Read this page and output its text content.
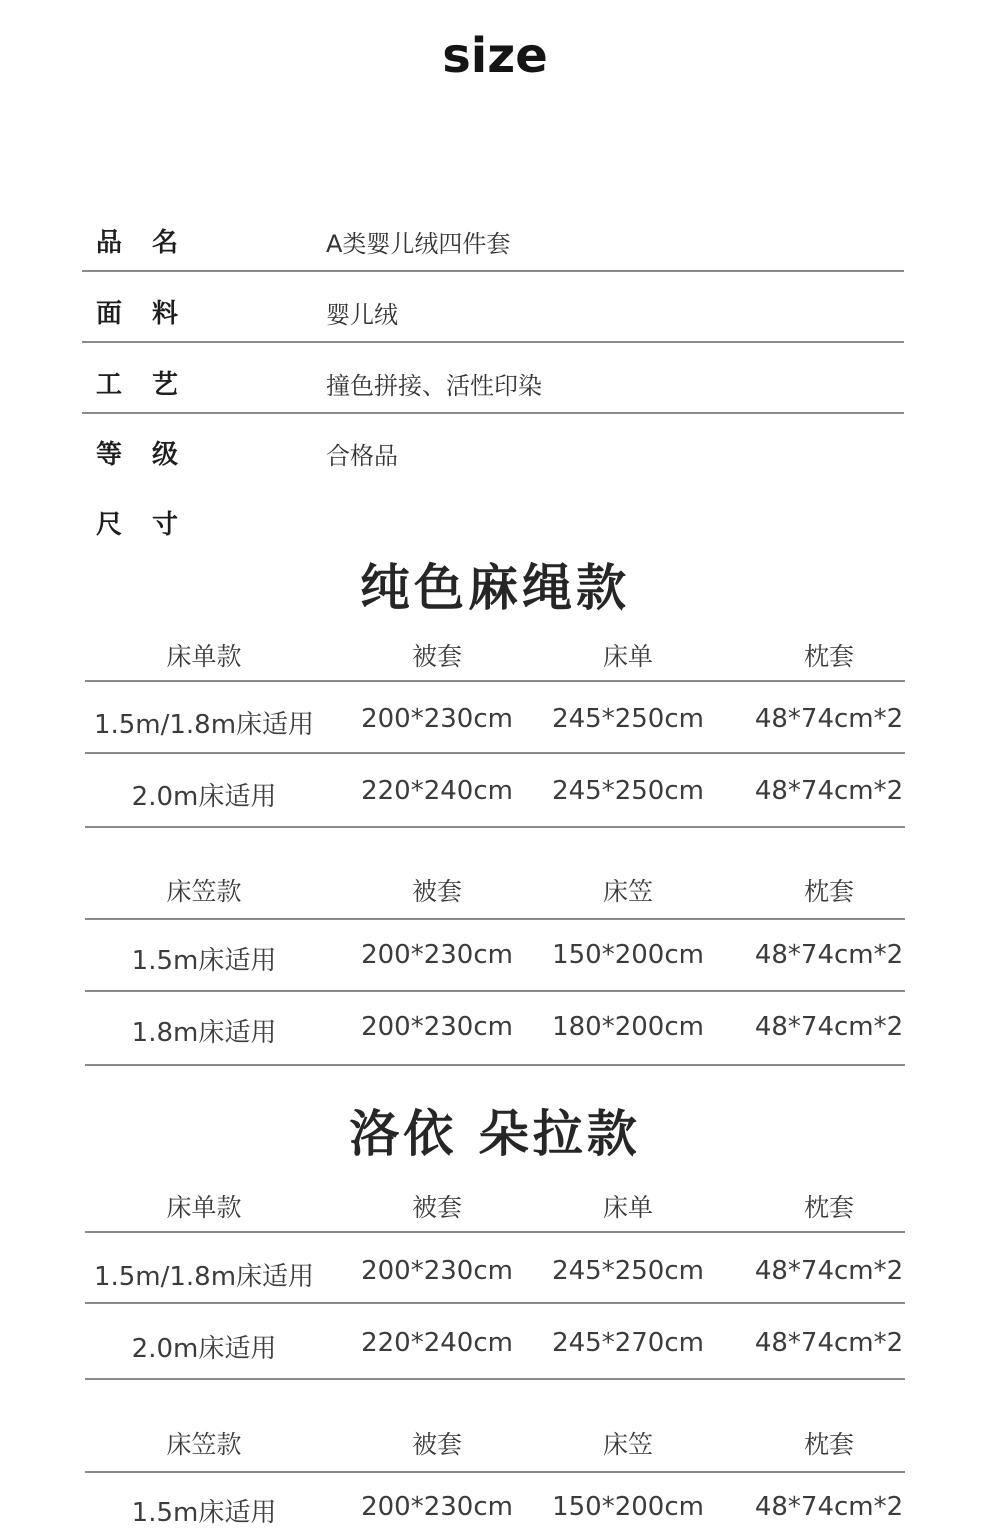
size
品名	A类婴儿绒四件套
面料	婴儿绒
工艺	撞色拼接、活性印染
等级	合格品
尺寸
纯色麻绳款
床单款	被套	床单	枕套
1.5m/1.8m床适用	200*230cm	245*250cm	48*74cm*2
2.0m床适用	220*240cm	245*250cm	48*74cm*2
床笠款	被套	床笠	枕套
1.5m床适用	200*230cm	150*200cm	48*74cm*2
1.8m床适用	200*230cm	180*200cm	48*74cm*2
洛依 朵拉款
床单款	被套	床单	枕套
1.5m/1.8m床适用	200*230cm	245*250cm	48*74cm*2
2.0m床适用	220*240cm	245*270cm	48*74cm*2
床笠款	被套	床笠	枕套
1.5m床适用	200*230cm	150*200cm	48*74cm*2
